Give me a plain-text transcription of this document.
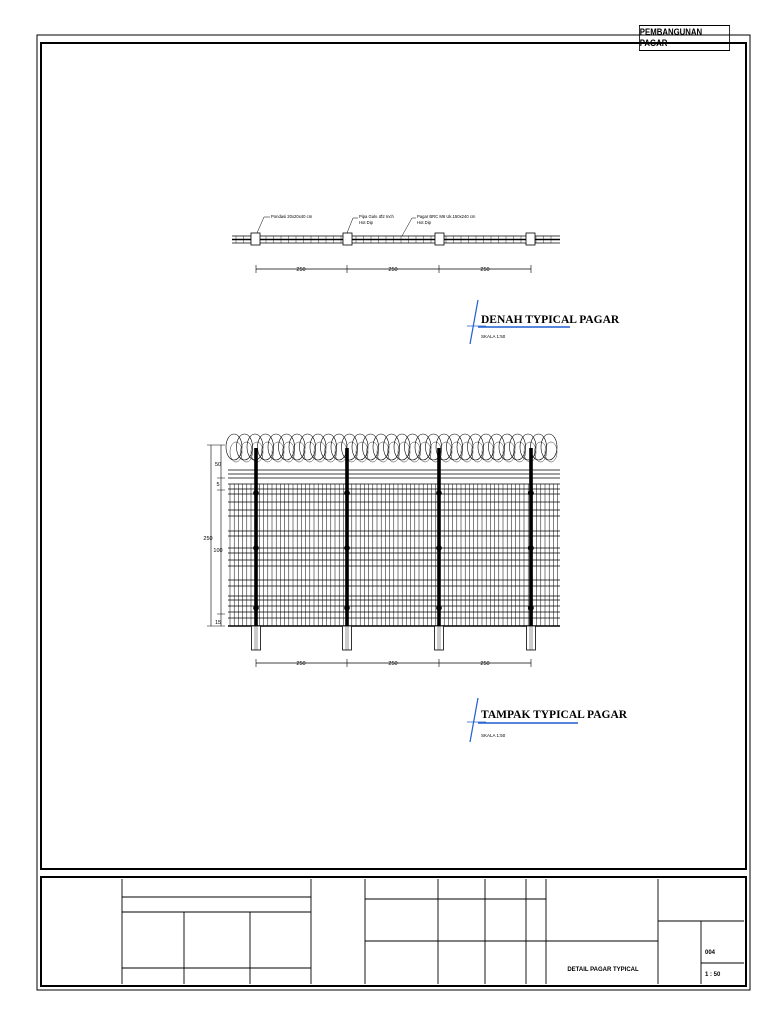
PEMBANGUNAN PAGAR
Pondasi 20x20x40 cm	Pipa Galv. Ø2 Inch
Hot Dip
Pagar BRC M6 Uk.150x240 cm
Hot Dip
250	250	250
DENAH TYPICAL PAGAR
SKALA 1:50
250	250	250
50
5
250
100
15
TAMPAK TYPICAL PAGAR
SKALA 1:50
DETAIL PAGAR TYPICAL
004
1 : 50
